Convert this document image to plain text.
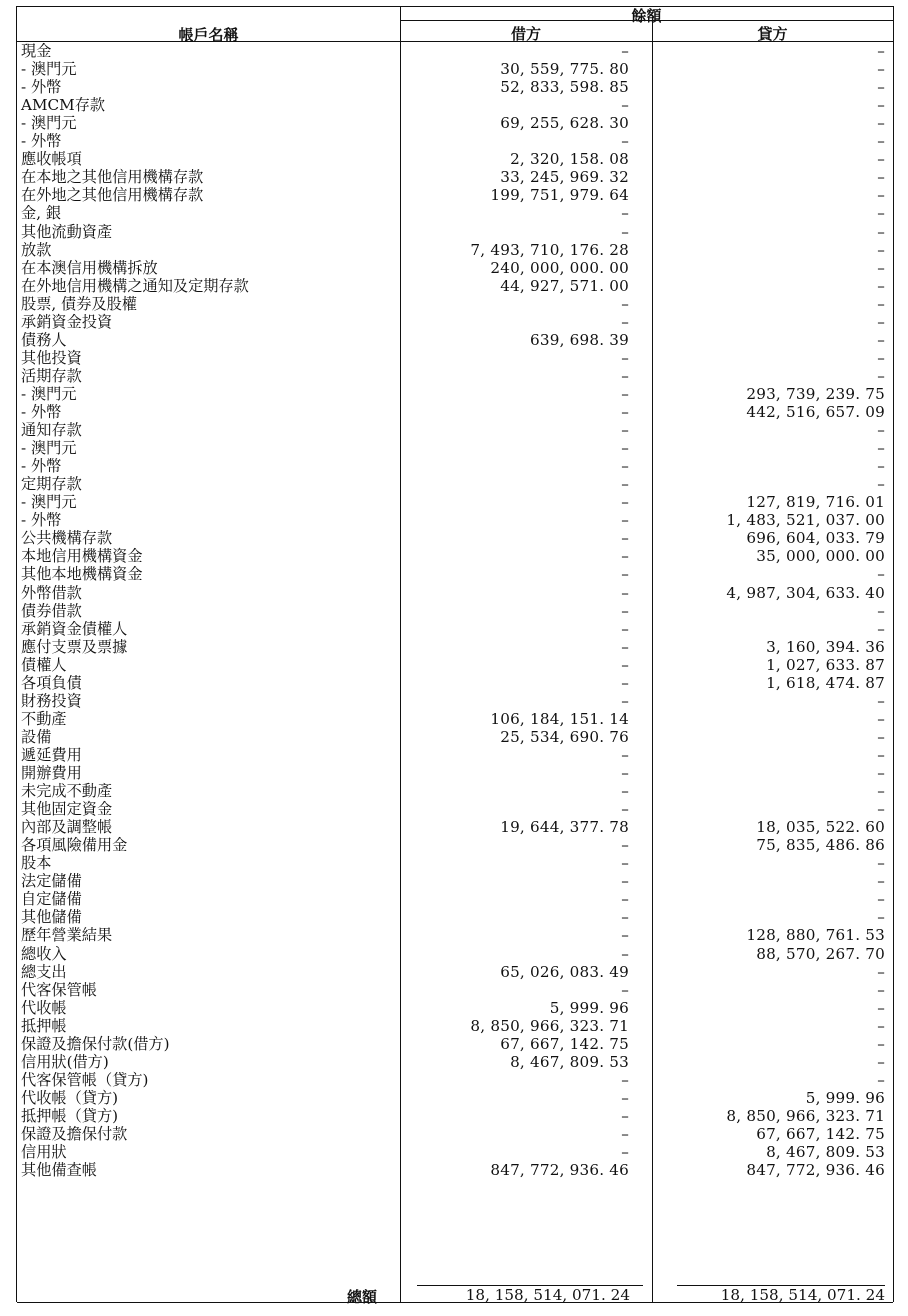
餘額
帳戶名稱	借方	貸方
現金	–	–
- 澳門元	30, 559, 775. 80	–
- 外幣	52, 833, 598. 85	–
AMCM存款	–	–
- 澳門元	69, 255, 628. 30	–
- 外幣	–	–
應收帳項	2, 320, 158. 08	–
在本地之其他信用機構存款	33, 245, 969. 32	–
在外地之其他信用機構存款	199, 751, 979. 64	–
金, 銀	–	–
其他流動資產	–	–
放款	7, 493, 710, 176. 28	–
在本澳信用機構拆放	240, 000, 000. 00	–
在外地信用機構之通知及定期存款	44, 927, 571. 00	–
股票, 債券及股權	–	–
承銷資金投資	–	–
債務人	639, 698. 39	–
其他投資	–	–
活期存款	–	–
- 澳門元	–	293, 739, 239. 75
- 外幣	–	442, 516, 657. 09
通知存款	–	–
- 澳門元	–	–
- 外幣	–	–
定期存款	–	–
- 澳門元	–	127, 819, 716. 01
- 外幣	–	1, 483, 521, 037. 00
公共機構存款	–	696, 604, 033. 79
本地信用機構資金	–	35, 000, 000. 00
其他本地機構資金	–	–
外幣借款	–	4, 987, 304, 633. 40
債券借款	–	–
承銷資金債權人	–	–
應付支票及票據	–	3, 160, 394. 36
債權人	–	1, 027, 633. 87
各項負債	–	1, 618, 474. 87
財務投資	–	–
不動產	106, 184, 151. 14	–
設備	25, 534, 690. 76	–
遞延費用	–	–
開辦費用	–	–
未完成不動產	–	–
其他固定資金	–	–
內部及調整帳	19, 644, 377. 78	18, 035, 522. 60
各項風險備用金	–	75, 835, 486. 86
股本	–	–
法定儲備	–	–
自定儲備	–	–
其他儲備	–	–
歷年營業結果	–	128, 880, 761. 53
總收入	–	88, 570, 267. 70
總支出	65, 026, 083. 49	–
代客保管帳	–	–
代收帳	5, 999. 96	–
抵押帳	8, 850, 966, 323. 71	–
保證及擔保付款(借方)	67, 667, 142. 75	–
信用狀(借方)	8, 467, 809. 53	–
代客保管帳（貸方)	–	–
代收帳（貸方)	–	5, 999. 96
抵押帳（貸方)	–	8, 850, 966, 323. 71
保證及擔保付款	–	67, 667, 142. 75
信用狀	–	8, 467, 809. 53
其他備查帳	847, 772, 936. 46	847, 772, 936. 46
總額	18, 158, 514, 071. 24	18, 158, 514, 071. 24
